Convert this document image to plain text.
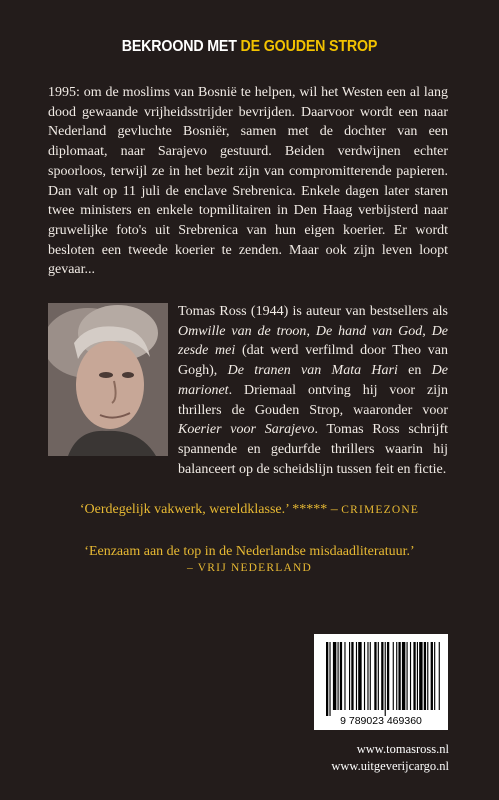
BEKROOND MET DE GOUDEN STROP

1995: om de moslims van Bosnië te helpen, wil het Westen een al lang dood gewaande vrijheidsstrijder bevrijden. Daarvoor wordt een naar Nederland gevluchte Bosniër, samen met de dochter van een diplomaat, naar Sarajevo gestuurd. Beiden verdwijnen echter spoorloos, terwijl ze in het bezit zijn van compromitterende papieren. Dan valt op 11 juli de enclave Srebrenica. Enkele dagen later staren twee ministers en enkele topmilitairen in Den Haag verbijsterd naar gruwelijke foto's uit Srebrenica van hun eigen koerier. Er wordt besloten een tweede koerier te zenden. Maar ook zijn leven loopt gevaar...

Tomas Ross (1944) is auteur van bestsellers als Omwille van de troon, De hand van God, De zesde mei (dat werd verfilmd door Theo van Gogh), De tranen van Mata Hari en De marionet. Driemaal ontving hij voor zijn thrillers de Gouden Strop, waaronder voor Koerier voor Sarajevo. Tomas Ross schrijft spannende en gedurfde thrillers waarin hij balanceert op de scheidslijn tussen feit en fictie.

‘Oerdegelijk vakwerk, wereldklasse.’ ***** – CRIMEZONE
‘Eenzaam aan de top in de Nederlandse misdaadliteratuur.’
– VRIJ NEDERLAND
9 789023 469360
www.tomasross.nl
www.uitgeverijcargo.nl
